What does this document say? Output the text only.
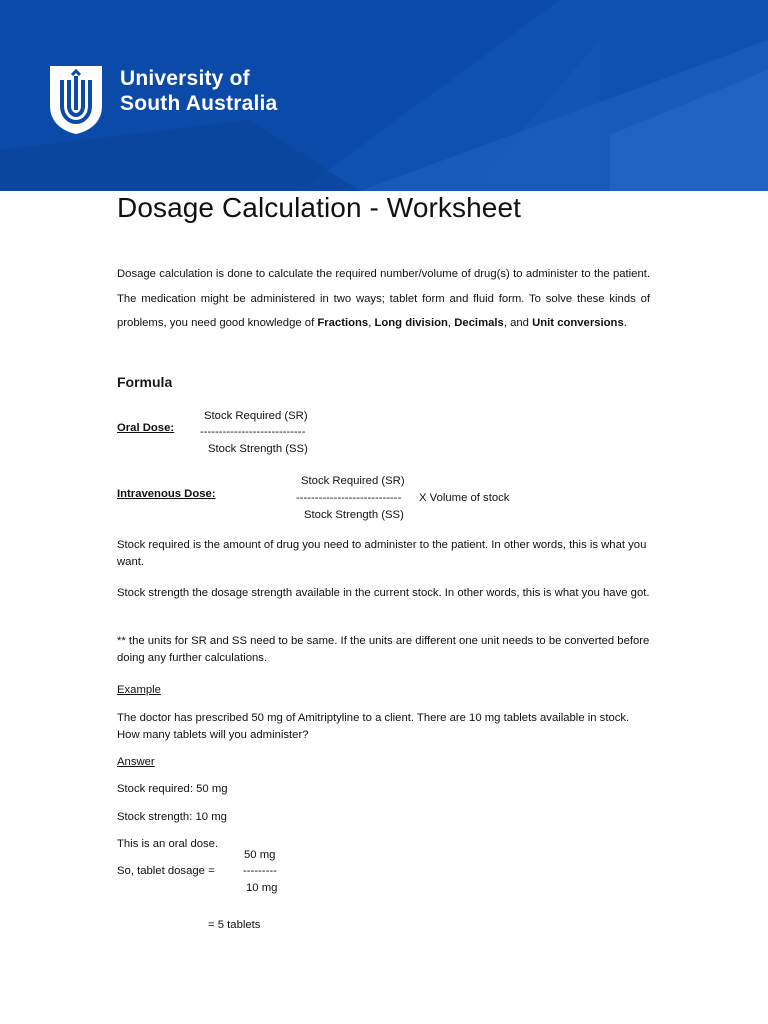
University of
South Australia
Dosage Calculation - Worksheet
Dosage calculation is done to calculate the required number/volume of drug(s) to administer to the patient. The medication might be administered in two ways; tablet form and fluid form. To solve these kinds of problems, you need good knowledge of Fractions, Long division, Decimals, and Unit conversions.
Formula
Stock Required (SR)
Oral Dose: ----------------------------
Stock Strength (SS)
Stock Required (SR)
Intravenous Dose:	---------------------------- X Volume of stock
Stock Strength (SS)
Stock required is the amount of drug you need to administer to the patient. In other words, this is what you want.
Stock strength the dosage strength available in the current stock. In other words, this is what you have got.
** the units for SR and SS need to be same. If the units are different one unit needs to be converted before doing any further calculations.
Example
The doctor has prescribed 50 mg of Amitriptyline to a client. There are 10 mg tablets available in stock. How many tablets will you administer?
Answer
Stock required: 50 mg
Stock strength: 10 mg
This is an oral dose.
50 mg
So, tablet dosage =	---------
10 mg
= 5 tablets
